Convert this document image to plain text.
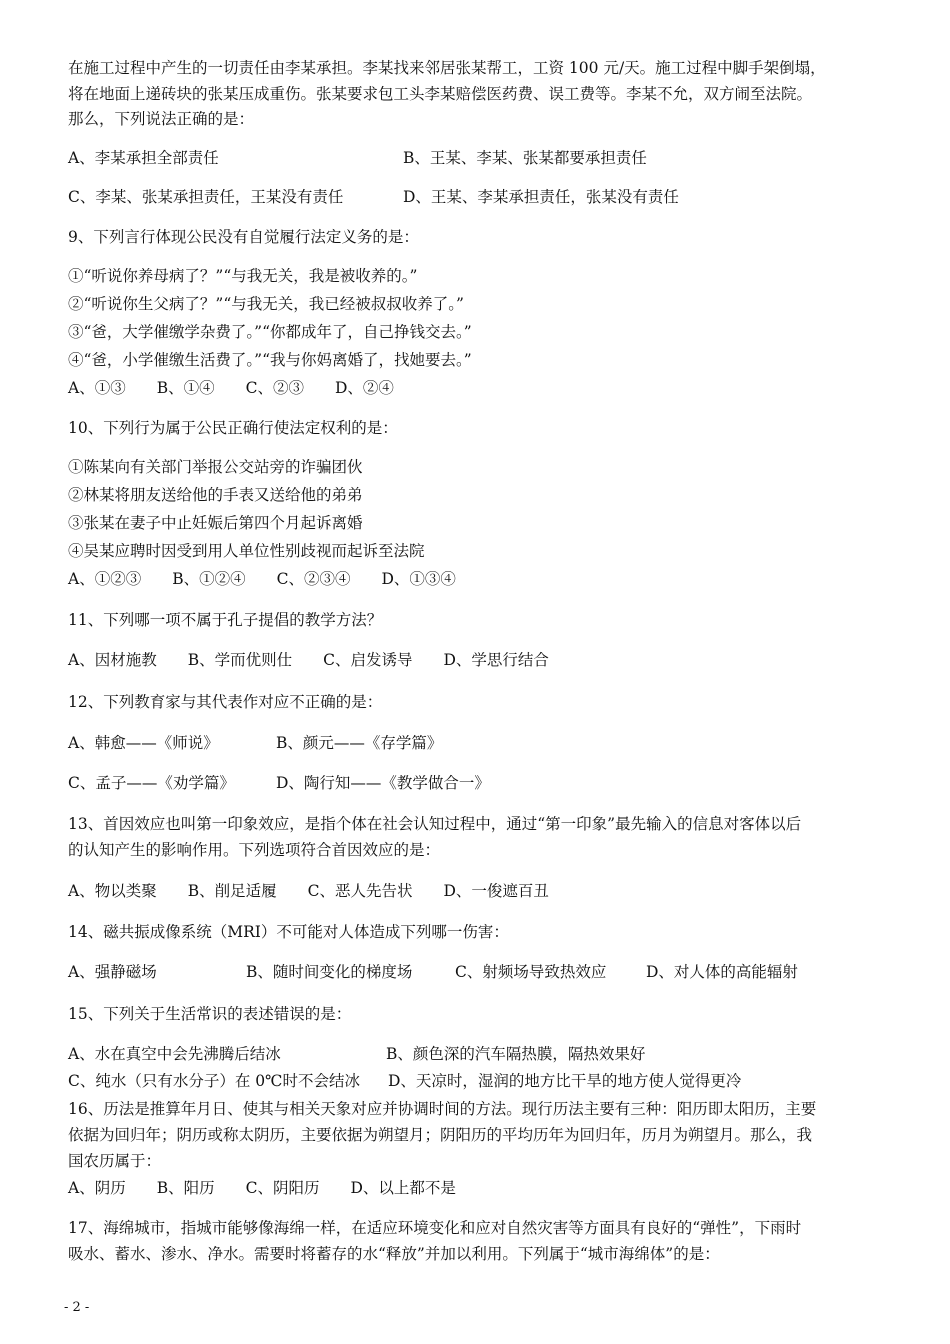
在施工过程中产生的一切责任由李某承担。李某找来邻居张某帮工，工资 100 元/天。施工过程中脚手架倒塌，
将在地面上递砖块的张某压成重伤。张某要求包工头李某赔偿医药费、误工费等。李某不允，双方闹至法院。
那么，下列说法正确的是：
A、李某承担全部责任	B、王某、李某、张某都要承担责任
C、李某、张某承担责任，王某没有责任	D、王某、李某承担责任，张某没有责任
9、下列言行体现公民没有自觉履行法定义务的是：
①“听说你养母病了？”“与我无关，我是被收养的。”
②“听说你生父病了？”“与我无关，我已经被叔叔收养了。”
③“爸，大学催缴学杂费了。”“你都成年了，自己挣钱交去。”
④“爸，小学催缴生活费了。”“我与你妈离婚了，找她要去。”
A、①③　　B、①④　　C、②③　　D、②④
10、下列行为属于公民正确行使法定权利的是：
①陈某向有关部门举报公交站旁的诈骗团伙
②林某将朋友送给他的手表又送给他的弟弟
③张某在妻子中止妊娠后第四个月起诉离婚
④吴某应聘时因受到用人单位性别歧视而起诉至法院
A、①②③　　B、①②④　　C、②③④　　D、①③④
11、下列哪一项不属于孔子提倡的教学方法？
A、因材施教　　B、学而优则仕　　C、启发诱导　　D、学思行结合
12、下列教育家与其代表作对应不正确的是：
A、韩愈——《师说》	B、颜元——《存学篇》
C、孟子——《劝学篇》	D、陶行知——《教学做合一》
13、首因效应也叫第一印象效应，是指个体在社会认知过程中，通过“第一印象”最先输入的信息对客体以后
的认知产生的影响作用。下列选项符合首因效应的是：
A、物以类聚　　B、削足适履　　C、恶人先告状　　D、一俊遮百丑
14、磁共振成像系统（MRI）不可能对人体造成下列哪一伤害：
A、强静磁场	B、随时间变化的梯度场	C、射频场导致热效应	D、对人体的高能辐射
15、下列关于生活常识的表述错误的是：
A、水在真空中会先沸腾后结冰	B、颜色深的汽车隔热膜，隔热效果好
C、纯水（只有水分子）在 0℃时不会结冰 D、天凉时，湿润的地方比干旱的地方使人觉得更冷
16、历法是推算年月日、使其与相关天象对应并协调时间的方法。现行历法主要有三种：阳历即太阳历，主要
依据为回归年；阴历或称太阴历，主要依据为朔望月；阴阳历的平均历年为回归年，历月为朔望月。那么，我
国农历属于：
A、阴历　　B、阳历　　C、阴阳历　　D、以上都不是
17、海绵城市，指城市能够像海绵一样，在适应环境变化和应对自然灾害等方面具有良好的“弹性”，下雨时
吸水、蓄水、渗水、净水。需要时将蓄存的水“释放”并加以利用。下列属于“城市海绵体”的是：
- 2 -
